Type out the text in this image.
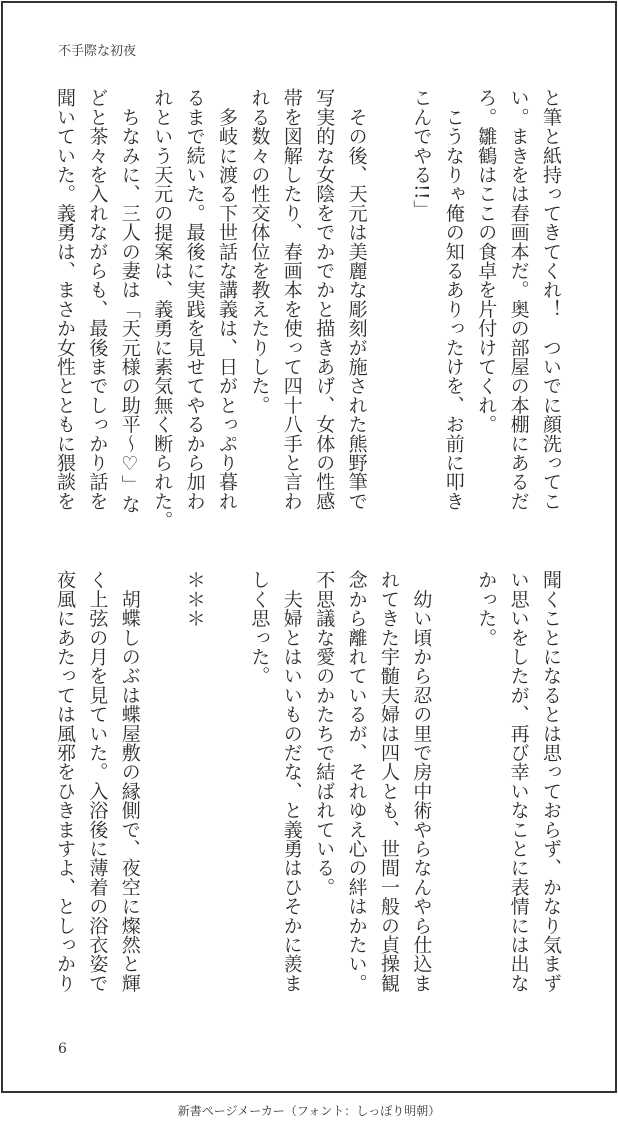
不手際な初夜
と筆と紙持ってきてくれ！　ついでに顔洗ってこ
い。まきをは春画本だ。奥の部屋の本棚にあるだ
ろ。雛鶴はここの食卓を片付けてくれ。
　こうなりゃ俺の知るありったけを、お前に叩き
こんでやる!!」
　その後、天元は美麗な彫刻が施された熊野筆で
写実的な女陰をでかでかと描きあげ、女体の性感
帯を図解したり、春画本を使って四十八手と言わ
れる数々の性交体位を教えたりした。
　多岐に渡る下世話な講義は、日がとっぷり暮れ
るまで続いた。最後に実践を見せてやるから加わ
れという天元の提案は、義勇に素気無く断られた。
　ちなみに、三人の妻は「天元様の助平〜♡」な
どと茶々を入れながらも、最後までしっかり話を
聞いていた。義勇は、まさか女性とともに猥談を
聞くことになるとは思っておらず、かなり気まず
い思いをしたが、再び幸いなことに表情には出な
かった。
　幼い頃から忍の里で房中術やらなんやら仕込ま
れてきた宇髄夫婦は四人とも、世間一般の貞操観
念から離れているが、それゆえ心の絆はかたい。
不思議な愛のかたちで結ばれている。
　夫婦とはいいものだな、と義勇はひそかに羨ま
しく思った。
＊＊＊
　胡蝶しのぶは蝶屋敷の縁側で、夜空に燦然と輝
く上弦の月を見ていた。入浴後に薄着の浴衣姿で
夜風にあたっては風邪をひきますよ、としっかり
6
新書ページメーカー（フォント：しっぽり明朝）
